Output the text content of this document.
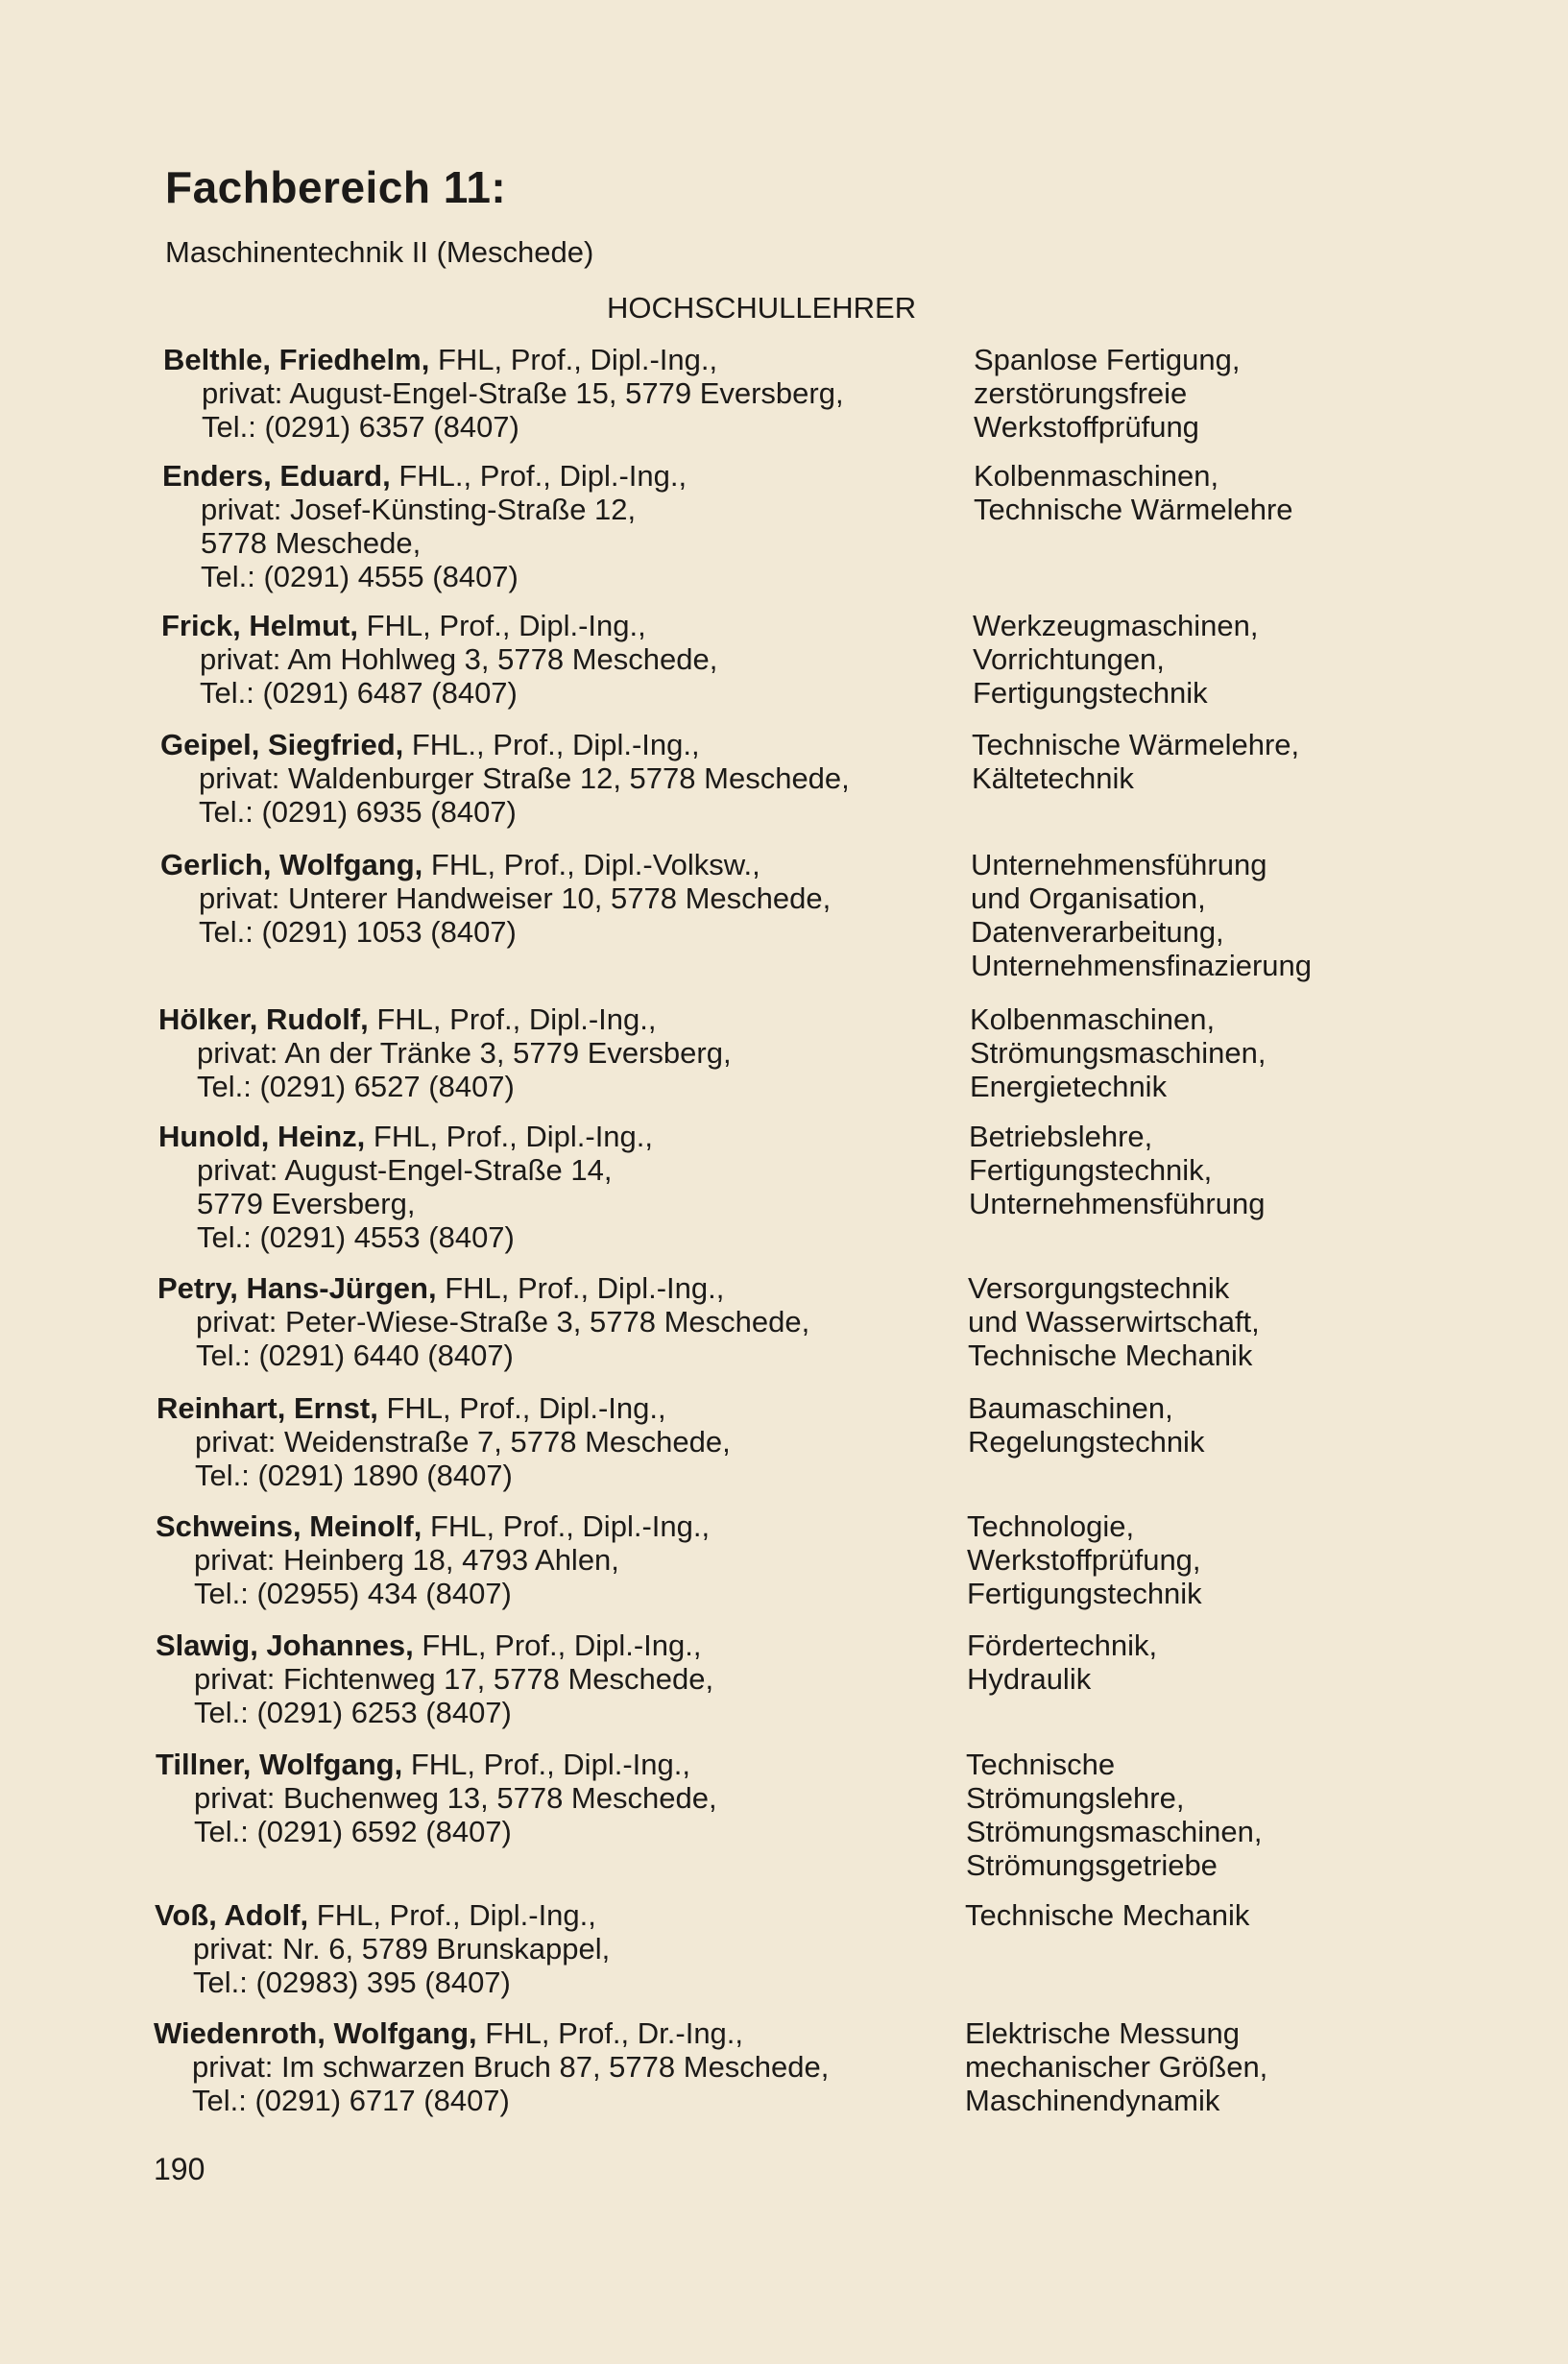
Fachbereich 11:

Maschinentechnik II (Meschede)

HOCHSCHULLEHRER

Belthle, Friedhelm, FHL, Prof., Dipl.-Ing.,
privat: August-Engel-Straße 15, 5779 Eversberg,
Tel.: (0291) 6357 (8407)
Spanlose Fertigung,
zerstörungsfreie
Werkstoffprüfung
Enders, Eduard, FHL., Prof., Dipl.-Ing.,
privat: Josef-Künsting-Straße 12,
5778 Meschede,
Tel.: (0291) 4555 (8407)
Kolbenmaschinen,
Technische Wärmelehre
Frick, Helmut, FHL, Prof., Dipl.-Ing.,
privat: Am Hohlweg 3, 5778 Meschede,
Tel.: (0291) 6487 (8407)
Werkzeugmaschinen,
Vorrichtungen,
Fertigungstechnik
Geipel, Siegfried, FHL., Prof., Dipl.-Ing.,
privat: Waldenburger Straße 12, 5778 Meschede,
Tel.: (0291) 6935 (8407)
Technische Wärmelehre,
Kältetechnik
Gerlich, Wolfgang, FHL, Prof., Dipl.-Volksw.,
privat: Unterer Handweiser 10, 5778 Meschede,
Tel.: (0291) 1053 (8407)
Unternehmensführung
und Organisation,
Datenverarbeitung,
Unternehmensfinazierung
Hölker, Rudolf, FHL, Prof., Dipl.-Ing.,
privat: An der Tränke 3, 5779 Eversberg,
Tel.: (0291) 6527 (8407)
Kolbenmaschinen,
Strömungsmaschinen,
Energietechnik
Hunold, Heinz, FHL, Prof., Dipl.-Ing.,
privat: August-Engel-Straße 14,
5779 Eversberg,
Tel.: (0291) 4553 (8407)
Betriebslehre,
Fertigungstechnik,
Unternehmensführung
Petry, Hans-Jürgen, FHL, Prof., Dipl.-Ing.,
privat: Peter-Wiese-Straße 3, 5778 Meschede,
Tel.: (0291) 6440 (8407)
Versorgungstechnik
und Wasserwirtschaft,
Technische Mechanik
Reinhart, Ernst, FHL, Prof., Dipl.-Ing.,
privat: Weidenstraße 7, 5778 Meschede,
Tel.: (0291) 1890 (8407)
Baumaschinen,
Regelungstechnik
Schweins, Meinolf, FHL, Prof., Dipl.-Ing.,
privat: Heinberg 18, 4793 Ahlen,
Tel.: (02955) 434 (8407)
Technologie,
Werkstoffprüfung,
Fertigungstechnik
Slawig, Johannes, FHL, Prof., Dipl.-Ing.,
privat: Fichtenweg 17, 5778 Meschede,
Tel.: (0291) 6253 (8407)
Fördertechnik,
Hydraulik
Tillner, Wolfgang, FHL, Prof., Dipl.-Ing.,
privat: Buchenweg 13, 5778 Meschede,
Tel.: (0291) 6592 (8407)
Technische
Strömungslehre,
Strömungsmaschinen,
Strömungsgetriebe
Voß, Adolf, FHL, Prof., Dipl.-Ing.,
privat: Nr. 6, 5789 Brunskappel,
Tel.: (02983) 395 (8407)
Technische Mechanik
Wiedenroth, Wolfgang, FHL, Prof., Dr.-Ing.,
privat: Im schwarzen Bruch 87, 5778 Meschede,
Tel.: (0291) 6717 (8407)
Elektrische Messung
mechanischer Größen,
Maschinendynamik

190
